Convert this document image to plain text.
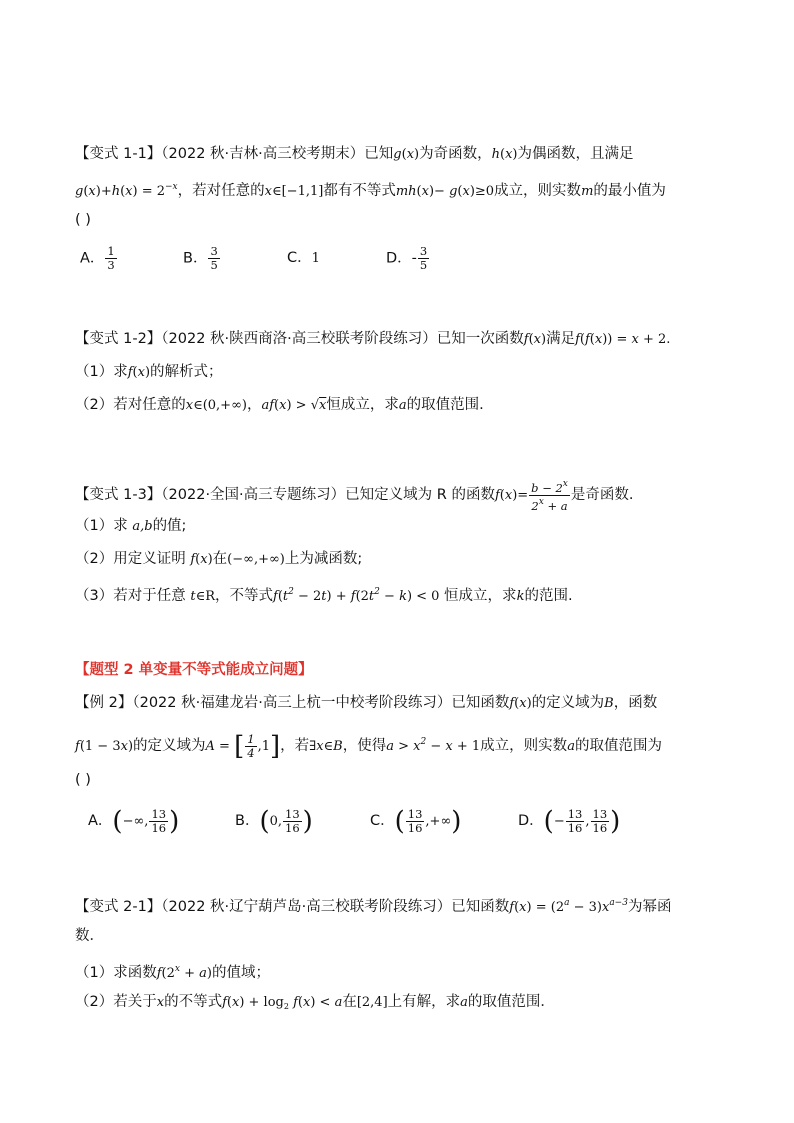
【变式 1-1】（2022 秋·吉林·高三校考期末）已知g(x)为奇函数，h(x)为偶函数，且满足
$g(x)+h(x) = 2^{-x}$，若对任意的x∈[−1,1]都有不等式mh(x)− g(x)≥0成立，则实数m的最小值为
( )
A． $\frac{1}{3}$	B． $\frac{3}{5}$	C．1	D．- $\frac{3}{5}$
【变式 1-2】（2022 秋·陕西商洛·高三校联考阶段练习）已知一次函数f(x)满足f(f(x)) = x + 2.
（1）求f(x)的解析式；
（2）若对任意的x∈(0,+∞)，af(x) > √x恒成立，求a的取值范围.
【变式 1-3】（2022·全国·高三专题练习）已知定义域为 R 的函数$f(x)= \frac{b - 2^x}{2^x + a}$ 是奇函数.
（1）求 a,b的值;
（2）用定义证明 f(x)在(−∞,+∞)上为减函数;
（3）若对于任意 t∈R，不等式$f(t^2 - 2t) + f(2t^2 - k) < 0$ 恒成立，求k的范围.
【题型 2 单变量不等式能成立问题】
【例 2】（2022 秋·福建龙岩·高三上杭一中校考阶段练习）已知函数f(x)的定义域为B，函数
f(1 − 3x)的定义域为A = [ $\frac{1}{4} ,1$]，若∃x∈B，使得$a > x^2 - x + 1$成立，则实数a的取值范围为
( )
A．(−∞, $\frac{13}{16}$ )	B．(0, $\frac{13}{16}$ )	C．( $\frac{13}{16}$ ,+∞)	D．(− $\frac{13}{16}$ , $\frac{13}{16}$ )
【变式 2-1】（2022 秋·辽宁葫芦岛·高三校联考阶段练习）已知函数$f(x) = (2^a - 3)x^{a-3}$为幂函
数．
（1）求函数$f(2^x + a)$的值域；
（2）若关于x的不等式$f(x) + \log_2 f(x) < a$在[2,4]上有解，求a的取值范围．
